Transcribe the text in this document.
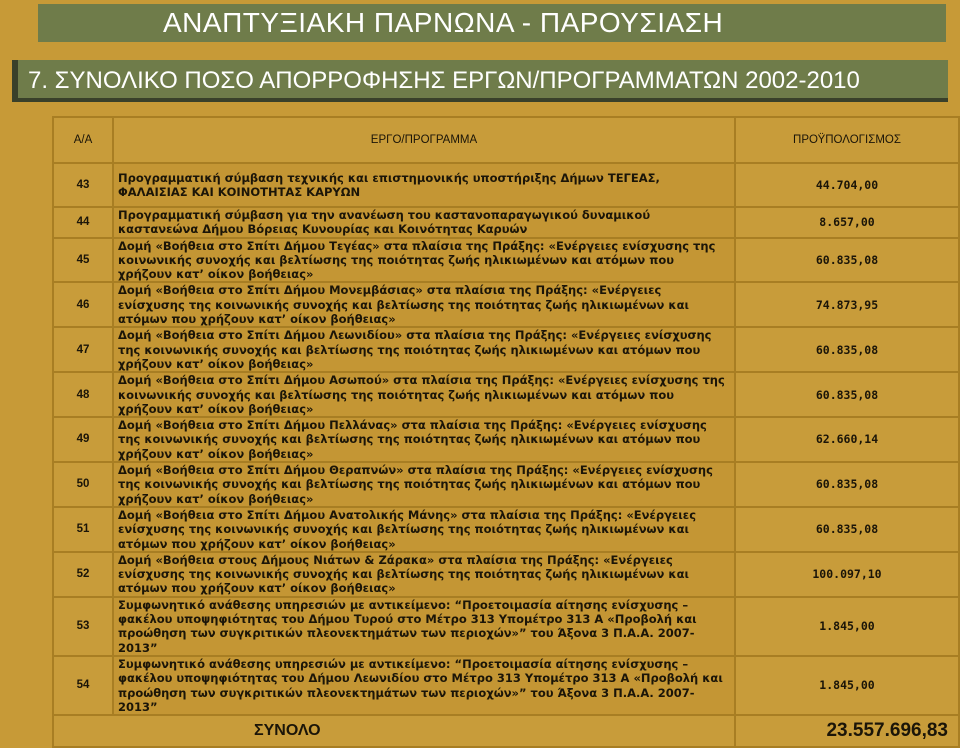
ΑΝΑΠΤΥΞΙΑΚΗ ΠΑΡΝΩΝΑ - ΠΑΡΟΥΣΙΑΣΗ
7. ΣΥΝΟΛΙΚΟ ΠΟΣΟ ΑΠΟΡΡΟΦΗΣΗΣ ΕΡΓΩΝ/ΠΡΟΓΡΑΜΜΑΤΩΝ 2002-2010
Α/Α	ΕΡΓΟ/ΠΡΟΓΡΑΜΜΑ	ΠΡΟΫΠΟΛΟΓΙΣΜΟΣ
43	Προγραμματική σύμβαση τεχνικής και επιστημονικής υποστήριξης Δήμων ΤΕΓΕΑΣ, ΦΑΛΑΙΣΙΑΣ ΚΑΙ ΚΟΙΝΟΤΗΤΑΣ ΚΑΡΥΩΝ	44.704,00
44	Προγραμματική σύμβαση για την ανανέωση του καστανοπαραγωγικού δυναμικού καστανεώνα Δήμου Βόρειας Κυνουρίας και Κοινότητας Καρυών	8.657,00
45	Δομή «Βοήθεια στο Σπίτι Δήμου Τεγέας» στα πλαίσια της Πράξης: «Ενέργειες ενίσχυσης της κοινωνικής συνοχής και βελτίωσης της ποιότητας ζωής ηλικιωμένων και ατόμων που χρήζουν κατ’ οίκον βοήθειας»	60.835,08
46	Δομή «Βοήθεια στο Σπίτι Δήμου Μονεμβάσιας» στα πλαίσια της Πράξης: «Ενέργειες ενίσχυσης της κοινωνικής συνοχής και βελτίωσης της ποιότητας ζωής ηλικιωμένων και ατόμων που χρήζουν κατ’ οίκον βοήθειας»	74.873,95
47	Δομή «Βοήθεια στο Σπίτι Δήμου Λεωνιδίου» στα πλαίσια της Πράξης: «Ενέργειες ενίσχυσης της κοινωνικής συνοχής και βελτίωσης της ποιότητας ζωής ηλικιωμένων και ατόμων που χρήζουν κατ’ οίκον βοήθειας»	60.835,08
48	Δομή «Βοήθεια στο Σπίτι Δήμου Ασωπού» στα πλαίσια της Πράξης: «Ενέργειες ενίσχυσης της κοινωνικής συνοχής και βελτίωσης της ποιότητας ζωής ηλικιωμένων και ατόμων που χρήζουν κατ’ οίκον βοήθειας»	60.835,08
49	Δομή «Βοήθεια στο Σπίτι Δήμου Πελλάνας» στα πλαίσια της Πράξης: «Ενέργειες ενίσχυσης της κοινωνικής συνοχής και βελτίωσης της ποιότητας ζωής ηλικιωμένων και ατόμων που χρήζουν κατ’ οίκον βοήθειας»	62.660,14
50	Δομή «Βοήθεια στο Σπίτι Δήμου Θεραπνών» στα πλαίσια της Πράξης: «Ενέργειες ενίσχυσης της κοινωνικής συνοχής και βελτίωσης της ποιότητας ζωής ηλικιωμένων και ατόμων που χρήζουν κατ’ οίκον βοήθειας»	60.835,08
51	Δομή «Βοήθεια στο Σπίτι Δήμου Ανατολικής Μάνης» στα πλαίσια της Πράξης: «Ενέργειες ενίσχυσης της κοινωνικής συνοχής και βελτίωσης της ποιότητας ζωής ηλικιωμένων και ατόμων που χρήζουν κατ’ οίκον βοήθειας»	60.835,08
52	Δομή «Βοήθεια στους Δήμους Νιάτων & Ζάρακα» στα πλαίσια της Πράξης: «Ενέργειες ενίσχυσης της κοινωνικής συνοχής και βελτίωσης της ποιότητας ζωής ηλικιωμένων και ατόμων που χρήζουν κατ’ οίκον βοήθειας»	100.097,10
53	Συμφωνητικό ανάθεσης υπηρεσιών με αντικείμενο: “Προετοιμασία αίτησης ενίσχυσης – φακέλου υποψηφιότητας του Δήμου Τυρού στο Μέτρο 313 Υπομέτρο 313 Α «Προβολή και προώθηση των συγκριτικών πλεονεκτημάτων των περιοχών»” του Άξονα 3 Π.Α.Α. 2007-2013”	1.845,00
54	Συμφωνητικό ανάθεσης υπηρεσιών με αντικείμενο: “Προετοιμασία αίτησης ενίσχυσης – φακέλου υποψηφιότητας του Δήμου Λεωνιδίου στο Μέτρο 313 Υπομέτρο 313 Α «Προβολή και προώθηση των συγκριτικών πλεονεκτημάτων των περιοχών»” του Άξονα 3 Π.Α.Α. 2007-2013”	1.845,00
ΣΥΝΟΛΟ		23.557.696,83
